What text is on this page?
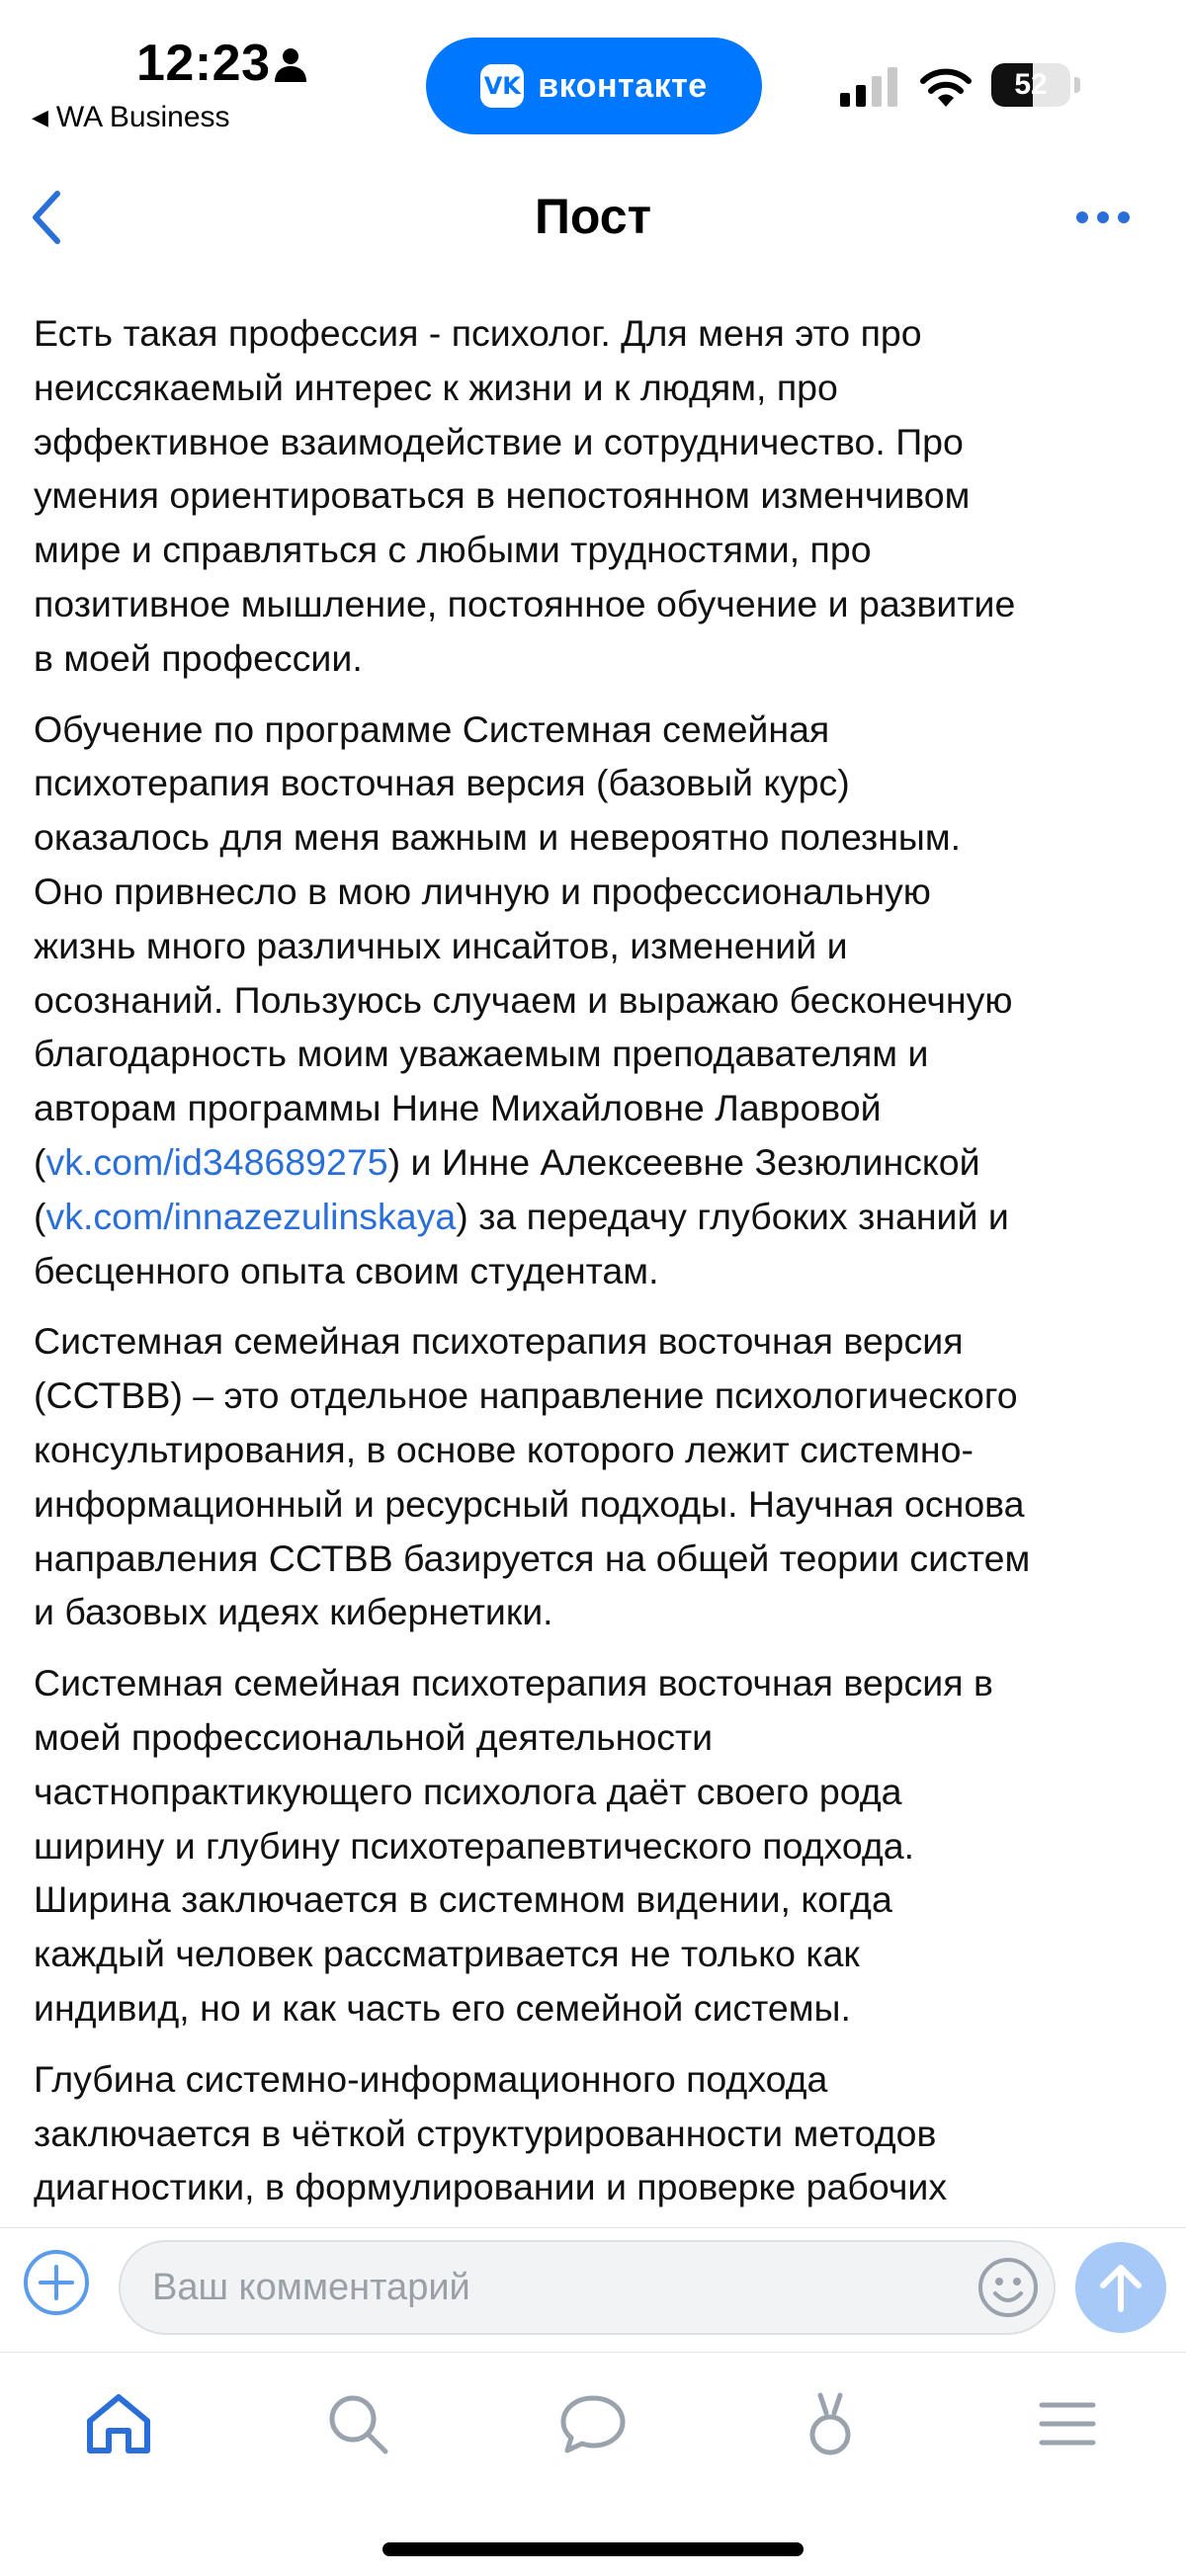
12:23
◀ WA Business
VK вконтакте	52
Пост

Есть такая профессия - психолог. Для меня это про
неиссякаемый интерес к жизни и к людям, про
эффективное взаимодействие и сотрудничество. Про
умения ориентироваться в непостоянном изменчивом
мире и справляться с любыми трудностями, про
позитивное мышление, постоянное обучение и развитие
в моей профессии.

Обучение по программе Системная семейная
психотерапия восточная версия (базовый курс)
оказалось для меня важным и невероятно полезным.
Оно привнесло в мою личную и профессиональную
жизнь много различных инсайтов, изменений и
осознаний. Пользуюсь случаем и выражаю бесконечную
благодарность моим уважаемым преподавателям и
авторам программы Нине Михайловне Лавровой
(vk.com/id348689275) и Инне Алексеевне Зезюлинской
(vk.com/innazezulinskaya) за передачу глубоких знаний и
бесценного опыта своим студентам.

Системная семейная психотерапия восточная версия
(ССТВВ) – это отдельное направление психологического
консультирования, в основе которого лежит системно-
информационный и ресурсный подходы. Научная основа
направления ССТВВ базируется на общей теории систем
и базовых идеях кибернетики.

Системная семейная психотерапия восточная версия в
моей профессиональной деятельности
частнопрактикующего психолога даёт своего рода
ширину и глубину психотерапевтического подхода.
Ширина заключается в системном видении, когда
каждый человек рассматривается не только как
индивид, но и как часть его семейной системы.

Глубина системно-информационного подхода
заключается в чёткой структурированности методов
диагностики, в формулировании и проверке рабочих

Ваш комментарий
